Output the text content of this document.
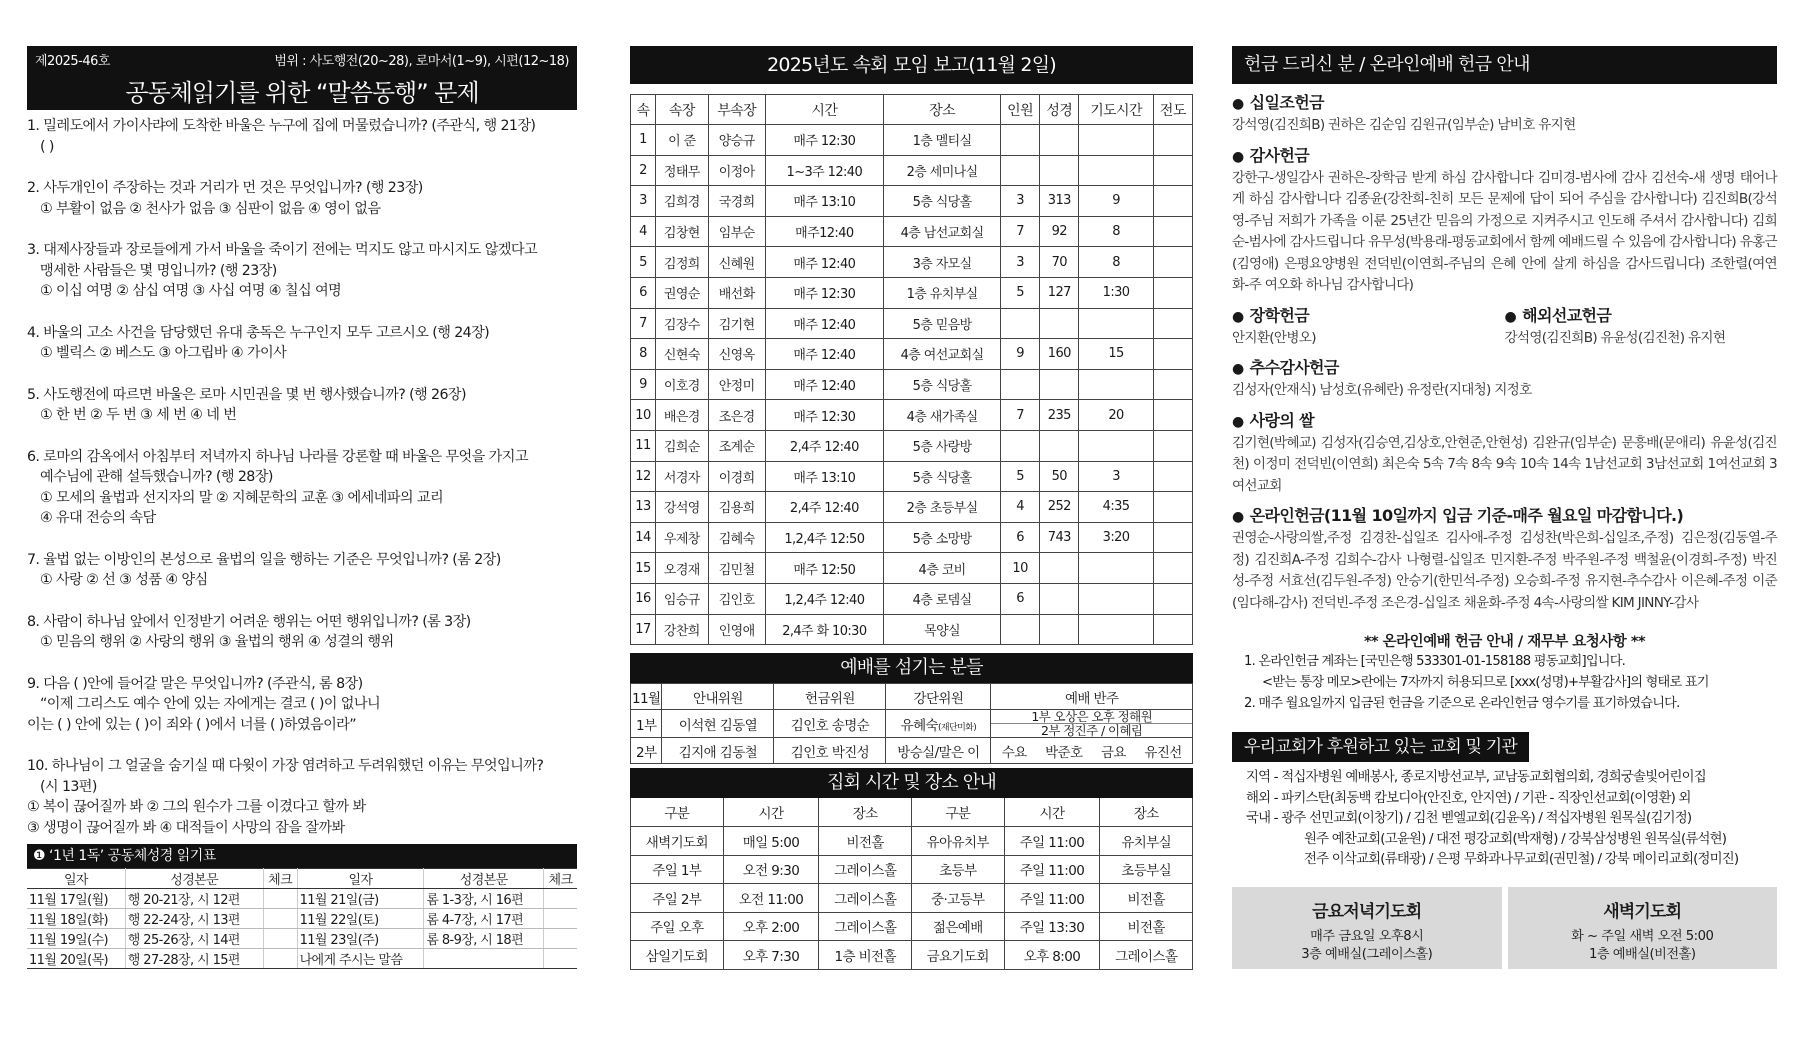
제2025-46호	범위 : 사도행전(20~28), 로마서(1~9), 시편(12~18)
공동체읽기를 위한 “말씀동행” 문제
1. 밀레도에서 가이사랴에 도착한 바울은 누구에 집에 머물렀습니까? (주관식, 행 21장)
( )
2. 사두개인이 주장하는 것과 거리가 먼 것은 무엇입니까? (행 23장)
① 부활이 없음 ② 천사가 없음 ③ 심판이 없음 ④ 영이 없음
3. 대제사장들과 장로들에게 가서 바울을 죽이기 전에는 먹지도 않고 마시지도 않겠다고
맹세한 사람들은 몇 명입니까? (행 23장)
① 이십 여명 ② 삼십 여명 ③ 사십 여명 ④ 칠십 여명
4. 바울의 고소 사건을 담당했던 유대 총독은 누구인지 모두 고르시오 (행 24장)
① 벨릭스 ② 베스도 ③ 아그립바 ④ 가이사
5. 사도행전에 따르면 바울은 로마 시민권을 몇 번 행사했습니까? (행 26장)
① 한 번 ② 두 번 ③ 세 번 ④ 네 번
6. 로마의 감옥에서 아침부터 저녁까지 하나님 나라를 강론할 때 바울은 무엇을 가지고
예수님에 관해 설득했습니까? (행 28장)
① 모세의 율법과 선지자의 말 ② 지혜문학의 교훈 ③ 에세네파의 교리
④ 유대 전승의 속담
7. 율법 없는 이방인의 본성으로 율법의 일을 행하는 기준은 무엇입니까? (롬 2장)
① 사랑 ② 선 ③ 성품 ④ 양심
8. 사람이 하나님 앞에서 인정받기 어려운 행위는 어떤 행위입니까? (롬 3장)
① 믿음의 행위 ② 사랑의 행위 ③ 율법의 행위 ④ 성결의 행위
9. 다음 ( )안에 들어갈 말은 무엇입니까? (주관식, 롬 8장)
“이제 그리스도 예수 안에 있는 자에게는 결코 ( )이 없나니
이는 ( ) 안에 있는 ( )이 죄와 ( )에서 너를 ( )하였음이라”
10. 하나님이 그 얼굴을 숨기실 때 다윗이 가장 염려하고 두려워했던 이유는 무엇입니까?
(시 13편)
① 복이 끊어질까 봐 ② 그의 원수가 그를 이겼다고 할까 봐
③ 생명이 끊어질까 봐 ④ 대적들이 사망의 잠을 잘까봐
❶ ‘1년 1독’ 공동체성경 읽기표
일자	성경본문	체크	일자	성경본문	체크
11월 17일(월)	행 20-21장, 시 12편		11월 21일(금)	롬 1-3장, 시 16편	
11월 18일(화)	행 22-24장, 시 13편		11월 22일(토)	롬 4-7장, 시 17편	
11월 19일(수)	행 25-26장, 시 14편		11월 23일(주)	롬 8-9장, 시 18편	
11월 20일(목)	행 27-28장, 시 15편		나에게 주시는 말씀		
2025년도 속회 모임 보고(11월 2일)
속	속장	부속장	시간	장소	인원	성경	기도시간	전도
1	이 준	양승규	매주 12:30	1층 멜티실				
2	정태무	이정아	1~3주 12:40	2층 세미나실				
3	김희경	국경희	매주 13:10	5층 식당홀	3	313	9	
4	김창현	임부순	매주12:40	4층 남선교회실	7	92	8	
5	김정희	신혜원	매주 12:40	3층 자모실	3	70	8	
6	권영순	배선화	매주 12:30	1층 유치부실	5	127	1:30	
7	김장수	김기현	매주 12:40	5층 믿음방				
8	신현숙	신영옥	매주 12:40	4층 여선교회실	9	160	15	
9	이호경	안정미	매주 12:40	5층 식당홀				
10	배은경	조은경	매주 12:30	4층 새가족실	7	235	20	
11	김희순	조계순	2,4주 12:40	5층 사랑방				
12	서경자	이경희	매주 13:10	5층 식당홀	5	50	3	
13	강석영	김용희	2,4주 12:40	2층 초등부실	4	252	4:35	
14	우제창	김혜숙	1,2,4주 12:50	5층 소망방	6	743	3:20	
15	오경재	김민철	매주 12:50	4층 코비	10			
16	임승규	김인호	1,2,4주 12:40	4층 로뎀실	6			
17	강찬희	인영애	2,4주 화 10:30	목양실				
예배를 섬기는 분들
11월	안내위원	헌금위원	강단위원	예배 반주
1부	이석현 김동열	김인호 송명순	유혜숙(재단미화)	1부 오상은 오후 정해원
2부 정진주 / 이혜림

2부	김지애 김동철	김인호 박진성	방승실/말은 이	수요 박준호 금요 유진선
집회 시간 및 장소 안내
구분	시간	장소	구분	시간	장소
새벽기도회	매일 5:00	비전홀	유아유치부	주일 11:00	유치부실
주일 1부	오전 9:30	그레이스홀	초등부	주일 11:00	초등부실
주일 2부	오전 11:00	그레이스홀	중·고등부	주일 11:00	비전홀
주일 오후	오후 2:00	그레이스홀	젊은예배	주일 13:30	비전홀
삼일기도회	오후 7:30	1층 비전홀	금요기도회	오후 8:00	그레이스홀
헌금 드리신 분 / 온라인예배 헌금 안내
● 십일조헌금
강석영(김진희B) 권하은 김순임 김원규(임부순) 남비호 유지현
● 감사헌금
강한구-생일감사 권하은-장학금 받게 하심 감사합니다 김미경-범사에 감사 김선숙-새 생명 태어나게 하심 감사합니다 김종윤(강찬희-친히 모든 문제에 답이 되어 주심을 감사합니다) 김진희B(강석영-주님 저희가 가족을 이룬 25년간 믿음의 가정으로 지켜주시고 인도해 주셔서 감사합니다) 김희순-범사에 감사드립니다 유무성(박용래-평동교회에서 함께 예배드릴 수 있음에 감사합니다) 유홍근(김영애) 은평요양병원 전덕빈(이연희-주님의 은혜 안에 살게 하심을 감사드립니다) 조한렬(여연화-주 여오화 하나님 감사합니다)
● 장학헌금
안지환(안병오)
● 해외선교헌금
강석영(김진희B) 유윤성(김진천) 유지현
● 추수감사헌금
김성자(안재식) 남성호(유혜란) 유정란(지대청) 지정호
● 사랑의 쌀
김기현(박혜교) 김성자(김승연,김상호,안현준,안현성) 김완규(임부순) 문흥배(문애리) 유윤성(김진천) 이정미 전덕빈(이연희) 최은숙 5속 7속 8속 9속 10속 14속 1남선교회 3남선교회 1여선교회 3여선교회
● 온라인헌금(11월 10일까지 입금 기준-매주 월요일 마감합니다.)
권영순-사랑의쌀,주정 김경찬-십일조 김사애-주정 김성찬(박은희-십일조,주정) 김은정(김동열-주정) 김진희A-주정 김희수-감사 나형렬-십일조 민지환-주정 박주원-주정 백철윤(이경희-주정) 박진성-주정 서효선(김두원-주정) 안승기(한민석-주정) 오승희-주정 유지현-추수감사 이은혜-주정 이준(임다해-감사) 전덕빈-주정 조은경-십일조 채윤화-주정 4속-사랑의쌀 KIM JINNY-감사
** 온라인예배 헌금 안내 / 재무부 요청사항 **
1. 온라인헌금 계좌는 [국민은행 533301-01-158188 평동교회]입니다.
<받는 통장 메모>란에는 7자까지 허용되므로 [xxx(성명)+부활감사]의 형태로 표기
2. 매주 월요일까지 입금된 헌금을 기준으로 온라인헌금 영수기를 표기하였습니다.
우리교회가 후원하고 있는 교회 및 기관
지역 - 적십자병원 예배봉사, 종로지방선교부, 교남동교회협의회, 경희궁솔빛어린이집
해외 - 파키스탄(최동백 캄보디아(안진호, 안지연) / 기관 - 직장인선교회(이영환) 외
국내 - 광주 선민교회(이창기) / 김천 벧엘교회(김윤옥) / 적십자병원 원목실(김기정)
원주 예찬교회(고윤원) / 대전 평강교회(박재형) / 강북삼성병원 원목실(류석현)
전주 이삭교회(류태광) / 은평 무화과나무교회(권민철) / 강북 메이리교회(정미진)
금요저녁기도회
매주 금요일 오후8시
3층 예배실(그레이스홀)
새벽기도회
화 ~ 주일 새벽 오전 5:00
1층 예배실(비전홀)
